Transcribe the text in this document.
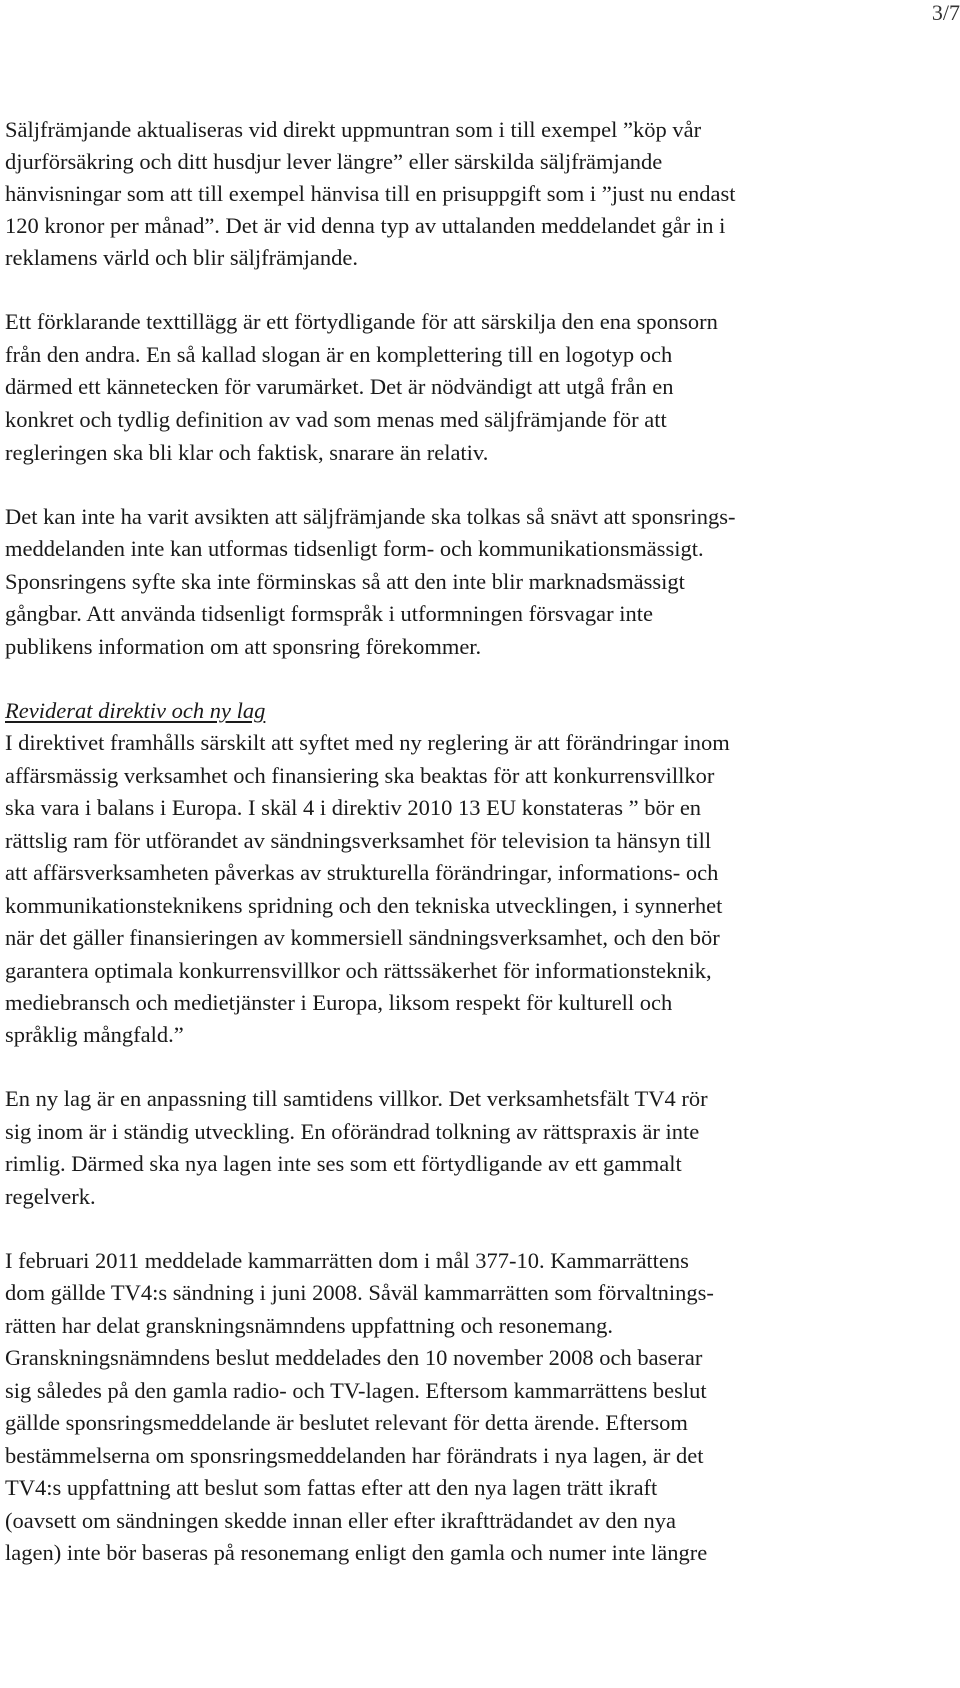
3/7

Säljfrämjande aktualiseras vid direkt uppmuntran som i till exempel ”köp vår

djurförsäkring och ditt husdjur lever längre” eller särskilda säljfrämjande

hänvisningar som att till exempel hänvisa till en prisuppgift som i ”just nu endast

120 kronor per månad”. Det är vid denna typ av uttalanden meddelandet går in i

reklamens värld och blir säljfrämjande.

Ett förklarande texttillägg är ett förtydligande för att särskilja den ena sponsorn

från den andra. En så kallad slogan är en komplettering till en logotyp och

därmed ett kännetecken för varumärket. Det är nödvändigt att utgå från en

konkret och tydlig definition av vad som menas med säljfrämjande för att

regleringen ska bli klar och faktisk, snarare än relativ.

Det kan inte ha varit avsikten att säljfrämjande ska tolkas så snävt att sponsrings-

meddelanden inte kan utformas tidsenligt form- och kommunikationsmässigt.

Sponsringens syfte ska inte förminskas så att den inte blir marknadsmässigt

gångbar. Att använda tidsenligt formspråk i utformningen försvagar inte

publikens information om att sponsring förekommer.

Reviderat direktiv och ny lag

I direktivet framhålls särskilt att syftet med ny reglering är att förändringar inom

affärsmässig verksamhet och finansiering ska beaktas för att konkurrensvillkor

ska vara i balans i Europa. I skäl 4 i direktiv 2010 13 EU konstateras ” bör en

rättslig ram för utförandet av sändningsverksamhet för television ta hänsyn till

att affärsverksamheten påverkas av strukturella förändringar, informations- och

kommunikationsteknikens spridning och den tekniska utvecklingen, i synnerhet

när det gäller finansieringen av kommersiell sändningsverksamhet, och den bör

garantera optimala konkurrensvillkor och rättssäkerhet för informationsteknik,

mediebransch och medietjänster i Europa, liksom respekt för kulturell och

språklig mångfald.”

En ny lag är en anpassning till samtidens villkor. Det verksamhetsfält TV4 rör

sig inom är i ständig utveckling. En oförändrad tolkning av rättspraxis är inte

rimlig. Därmed ska nya lagen inte ses som ett förtydligande av ett gammalt

regelverk.

I februari 2011 meddelade kammarrätten dom i mål 377-10. Kammarrättens

dom gällde TV4:s sändning i juni 2008. Såväl kammarrätten som förvaltnings-

rätten har delat granskningsnämndens uppfattning och resonemang.

Granskningsnämndens beslut meddelades den 10 november 2008 och baserar

sig således på den gamla radio- och TV-lagen. Eftersom kammarrättens beslut

gällde sponsringsmeddelande är beslutet relevant för detta ärende. Eftersom

bestämmelserna om sponsringsmeddelanden har förändrats i nya lagen, är det

TV4:s uppfattning att beslut som fattas efter att den nya lagen trätt ikraft

(oavsett om sändningen skedde innan eller efter ikraftträdandet av den nya

lagen) inte bör baseras på resonemang enligt den gamla och numer inte längre
